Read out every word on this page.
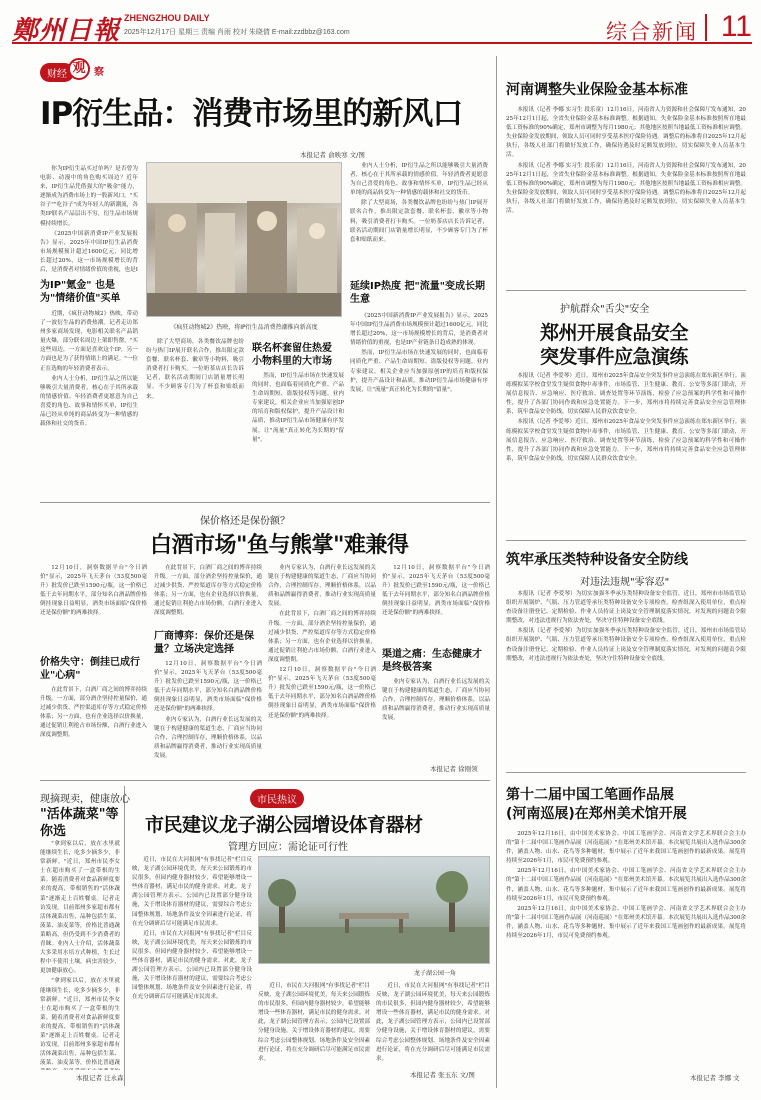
鄭州日報 ZHENGZHOU DAILY
2025年12月17日 星期三 责编 肖雨 校对 朱晓倩 E-mail:zzdbbz@163.com	综合新闻 11
财经 观 察
IP衍生品：消费市场里的新风口
本报记者 俞映寒 文/图

你为IP衍生品买过单吗？是否曾为电影、动漫中的角色购买周边？近年来，IP衍生品凭借强大的"吸金"能力，逐渐成为消费市场上的一股新风口。"买谷子""吃谷子"成为年轻人的新潮流，各类IP联名产品层出不穷，衍生品市场规模持续增长。

《2025中国新消费IP产业发展报告》显示，2025年中国IP衍生品消费市场规模预计超过1600亿元，同比增长超过20%，这一市场规模增长的背后，是消费者对情绪价值的重视，也是I

为IP"氪金" 也是为"情绪价值"买单

近期，《疯狂动物城2》热映，带动了一波衍生品的消费热潮。记者走访郑州多家商场发现，电影相关联名产品销量火爆，部分联名周边上架即售罄。"买这些周边，一方面是喜欢这个IP，另一方面也是为了获得情绪上的满足。"一位正在选购的年轻消费者表示。

业内人士分析，IP衍生品之所以能够吸引大量消费者，核心在于其所承载的情感价值。年轻消费者更愿意为自己喜爱的角色、故事和情怀买单，IP衍生品已经从单纯的商品转变为一种情感的载体和社交的货币。

《疯狂动物城2》热映，将IP衍生品消费热潮推向新高度

除了大型商场，各类餐饮品牌也纷纷与热门IP展开联名合作，推出限定款套餐、联名杯套、徽章等小物料，吸引消费者打卡购买。一位奶茶店店长告诉记者，联名活动期间门店销量增长明显，不少顾客专门为了杯套和贴纸而来。

联名杯套留住热爱 小物料里的大市场

然而，IP衍生品市场在快速发展的同时，也面临着同质化严重、产品生命周期短、盗版侵权等问题。业内专家建议，相关企业应当加强原创IP的培育和版权保护，提升产品设计和品质，推动IP衍生品市场健康有序发展，让"流量"真正转化为长期的"留量"。

业内人士分析，IP衍生品之所以能够吸引大量消费者，核心在于其所承载的情感价值。年轻消费者更愿意为自己喜爱的角色、故事和情怀买单，IP衍生品已经从单纯的商品转变为一种情感的载体和社交的货币。

除了大型商场，各类餐饮品牌也纷纷与热门IP展开联名合作，推出限定款套餐、联名杯套、徽章等小物料，吸引消费者打卡购买。一位奶茶店店长告诉记者，联名活动期间门店销量增长明显，不少顾客专门为了杯套和贴纸而来。

延续IP热度 把"流量"变成长期生意

《2025中国新消费IP产业发展报告》显示，2025年中国IP衍生品消费市场规模预计超过1600亿元，同比增长超过20%，这一市场规模增长的背后，是消费者对情绪价值的重视，也是IP产业链条日趋成熟的体现。

然而，IP衍生品市场在快速发展的同时，也面临着同质化严重、产品生命周期短、盗版侵权等问题。业内专家建议，相关企业应当加强原创IP的培育和版权保护，提升产品设计和品质，推动IP衍生品市场健康有序发展，让"流量"真正转化为长期的"留量"。

保价格还是保份额？
白酒市场"鱼与熊掌"难兼得

12月10日，洞察数据平台"今日酒价"显示，2025年飞天茅台（53度500毫升）批发价已跌至1590元/瓶，这一价格已低于去年同期水平，部分知名白酒品牌价格倒挂现象日益明显，酒类市场面临"保价格还是保份额"的两难抉择。

价格失守：倒挂已成行业"心病"

在此背景下，白酒厂商之间的博弈持续升级。一方面，部分酒企坚持控量保价，通过减少供货、严控渠道库存等方式稳定价格体系；另一方面，也有企业选择以价换量，通过促销让利抢占市场份额，白酒行业进入深度调整期。

在此背景下，白酒厂商之间的博弈持续升级。一方面，部分酒企坚持控量保价，通过减少供货、严控渠道库存等方式稳定价格体系；另一方面，也有企业选择以价换量，通过促销让利抢占市场份额，白酒行业进入深度调整期。

厂商博弈：保价还是保量？立场决定选择

12月10日，洞察数据平台"今日酒价"显示，2025年飞天茅台（53度500毫升）批发价已跌至1590元/瓶，这一价格已低于去年同期水平，部分知名白酒品牌价格倒挂现象日益明显，酒类市场面临"保价格还是保份额"的两难抉择。

业内专家认为，白酒行业长远发展的关键在于构建健康的渠道生态，厂商应当协同合作，合理控制库存，理顺价格体系，以品质和品牌赢得消费者，推动行业实现高质量发展。

业内专家认为，白酒行业长远发展的关键在于构建健康的渠道生态，厂商应当协同合作，合理控制库存，理顺价格体系，以品质和品牌赢得消费者，推动行业实现高质量发展。

在此背景下，白酒厂商之间的博弈持续升级。一方面，部分酒企坚持控量保价，通过减少供货、严控渠道库存等方式稳定价格体系；另一方面，也有企业选择以价换量，通过促销让利抢占市场份额，白酒行业进入深度调整期。

12月10日，洞察数据平台"今日酒价"显示，2025年飞天茅台（53度500毫升）批发价已跌至1590元/瓶，这一价格已低于去年同期水平，部分知名白酒品牌价格倒挂现象日益明显，酒类市场面临"保价格还是保份额"的两难抉择。

12月10日，洞察数据平台"今日酒价"显示，2025年飞天茅台（53度500毫升）批发价已跌至1590元/瓶，这一价格已低于去年同期水平，部分知名白酒品牌价格倒挂现象日益明显，酒类市场面临"保价格还是保份额"的两难抉择。

渠道之痛：生态健康才是终极答案

业内专家认为，白酒行业长远发展的关键在于构建健康的渠道生态，厂商应当协同合作，合理控制库存，理顺价格体系，以品质和品牌赢得消费者，推动行业实现高质量发展。

本报记者 徐刚领
现摘现卖，健康放心
"活体蔬菜"等你选

"拿到家以后，放在水里就能继续生长，吃多少摘多少，非常新鲜。"近日，郑州市民李女士在超市购买了一盒带根的生菜。随着消费者对食品新鲜度要求的提高，带根销售的"活体蔬菜"逐渐走上百姓餐桌。记者走访发现，目前郑州多家超市都有活体蔬菜出售，品种包括生菜、菠菜、油麦菜等，价格比普通蔬菜略高，但仍受到不少消费者的青睐。业内人士介绍，活体蔬菜大多采用水培方式种植，生长过程中不使用土壤，病虫害较少，更加健康放心。

"拿到家以后，放在水里就能继续生长，吃多少摘多少，非常新鲜。"近日，郑州市民李女士在超市购买了一盒带根的生菜。随着消费者对食品新鲜度要求的提高，带根销售的"活体蔬菜"逐渐走上百姓餐桌。记者走访发现，目前郑州多家超市都有活体蔬菜出售，品种包括生菜、菠菜、油麦菜等，价格比普通蔬

本报记者 汪永森
市民热议
市民建议龙子湖公园增设体育器材
管理方回应：需论证可行性

近日，市民在大河报网"有事找记者"栏目反映，龙子湖公园环境优美，每天来公园锻炼的市民很多，但园内健身器材较少，希望能够增设一些体育器材，满足市民的健身需求。对此，龙子湖公园管理方表示，公园内已设置部分健身设施，关于增设体育器材的建议，需要综合考虑公园整体规划、场地条件及安全因素进行论证，将在充分调研后尽可能满足市民需求。

近日，市民在大河报网"有事找记者"栏目反映，龙子湖公园环境优美，每天来公园锻炼的市民很多，但园内健身器材较少，希望能够增设一些体育器材，满足市民的健身需求。对此，龙子湖公园管理方表示，公园内已设置部分健身设施，关于增设体育器材的建议，需要综合考虑公园整体规划、场地条件及安全因素进行论证，将在充分调研后尽可能满足市民需求。

龙子湖公园一角

近日，市民在大河报网"有事找记者"栏目反映，龙子湖公园环境优美，每天来公园锻炼的市民很多，但园内健身器材较少，希望能够增设一些体育器材，满足市民的健身需求。对此，龙子湖公园管理方表示，公园内已设置部分健身设施，关于增设体育器材的建议，需要综合考虑公园整体规划、场地条件及安全因素进行论证，将在充分调研后尽可能满足市民需求。

近日，市民在大河报网"有事找记者"栏目反映，龙子湖公园环境优美，每天来公园锻炼的市民很多，但园内健身器材较少，希望能够增设一些体育器材，满足市民的健身需求。对此，龙子湖公园管理方表示，公园内已设置部分健身设施，关于增设体育器材的建议，需要综合考虑公园整体规划、场地条件及安全因素进行论证，将在充分调研后尽可能满足市民需求。

本报记者 张玉东 文/图
河南调整失业保险金基本标准

本报讯（记者 李娜 实习生 段乐童）12月16日，河南省人力资源和社会保障厅发布通知，2025年12月1日起，全省失业保险金基本标准调整。根据通知，失业保险金基本标准按照所在地最低工资标准的90%确定，郑州市调整为每月1980元；其他地区按照当地最低工资标准相应调整。失业保险金发放期间，领取人员可同时享受基本医疗保险待遇。调整后的标准将自2025年12月起执行，各级人社部门将做好发放工作，确保待遇及时足额发放到位，切实保障失业人员基本生活。

本报讯（记者 李娜 实习生 段乐童）12月16日，河南省人力资源和社会保障厅发布通知，2025年12月1日起，全省失业保险金基本标准调整。根据通知，失业保险金基本标准按照所在地最低工资标准的90%确定，郑州市调整为每月1980元；其他地区按照当地最低工资标准相应调整。失业保险金发放期间，领取人员可同时享受基本医疗保险待遇。调整后的标准将自2025年12月起执行，各级人社部门将做好发放工作，确保待遇及时足额发放到位，切实保障失业人员基本生活。

护航群众"舌尖"安全
郑州开展食品安全
突发事件应急演练

本报讯（记者 李爱琴）近日，郑州市2025年食品安全突发事件应急演练在郑东新区举行。演练模拟某学校食堂发生疑似食物中毒事件，市场监管、卫生健康、教育、公安等多部门联动，开展信息报告、应急响应、医疗救治、调查处置等环节演练，检验了应急预案的科学性和可操作性，提升了各部门协同作战和应急处置能力。下一步，郑州市将持续完善食品安全应急管理体系，筑牢食品安全防线，切实保障人民群众饮食安全。

本报讯（记者 李爱琴）近日，郑州市2025年食品安全突发事件应急演练在郑东新区举行。演练模拟某学校食堂发生疑似食物中毒事件，市场监管、卫生健康、教育、公安等多部门联动，开展信息报告、应急响应、医疗救治、调查处置等环节演练，检验了应急预案的科学性和可操作性，提升了各部门协同作战和应急处置能力。下一步，郑州市将持续完善食品安全应急管理体系，筑牢食品安全防线，切实保障人民群众饮食安全。

筑牢承压类特种设备安全防线
对违法违规"零容忍"

本报讯（记者 李爱琴）为切实加强冬季承压类特种设备安全监管，近日，郑州市市场监管局组织开展锅炉、气瓶、压力管道等承压类特种设备安全专项检查。检查组深入使用单位，重点检查设备注册登记、定期检验、作业人员持证上岗及安全管理制度落实情况，对发现的问题责令限期整改，对违法违规行为依法查处，坚决守住特种设备安全底线。

本报讯（记者 李爱琴）为切实加强冬季承压类特种设备安全监管，近日，郑州市市场监管局组织开展锅炉、气瓶、压力管道等承压类特种设备安全专项检查。检查组深入使用单位，重点检查设备注册登记、定期检验、作业人员持证上岗及安全管理制度落实情况，对发现的问题责令限期整改，对违法违规行为依法查处，坚决守住特种设备安全底线。

第十二届中国工笔画作品展
(河南巡展)在郑州美术馆开展

2025年12月16日，由中国美术家协会、中国工笔画学会、河南省文学艺术界联合会主办的"第十二届中国工笔画作品展（河南巡展）"在郑州美术馆开幕。本次展览共展出入选作品300余件，涵盖人物、山水、花鸟等多种题材，集中展示了近年来我国工笔画创作的最新成果。展览将持续至2026年1月，市民可免费预约参观。

2025年12月16日，由中国美术家协会、中国工笔画学会、河南省文学艺术界联合会主办的"第十二届中国工笔画作品展（河南巡展）"在郑州美术馆开幕。本次展览共展出入选作品300余件，涵盖人物、山水、花鸟等多种题材，集中展示了近年来我国工笔画创作的最新成果。展览将持续至2026年1月，市民可免费预约参观。

2025年12月16日，由中国美术家协会、中国工笔画学会、河南省文学艺术界联合会主办的"第十二届中国工笔画作品展（河南巡展）"在郑州美术馆开幕。本次展览共展出入选作品300余件，涵盖人物、山水、花鸟等多种题材，集中展示了近年来我国工笔画创作的最新成果。展览将持续至2026年1月，市民可免费预约参观。

本报记者 李娜 文
